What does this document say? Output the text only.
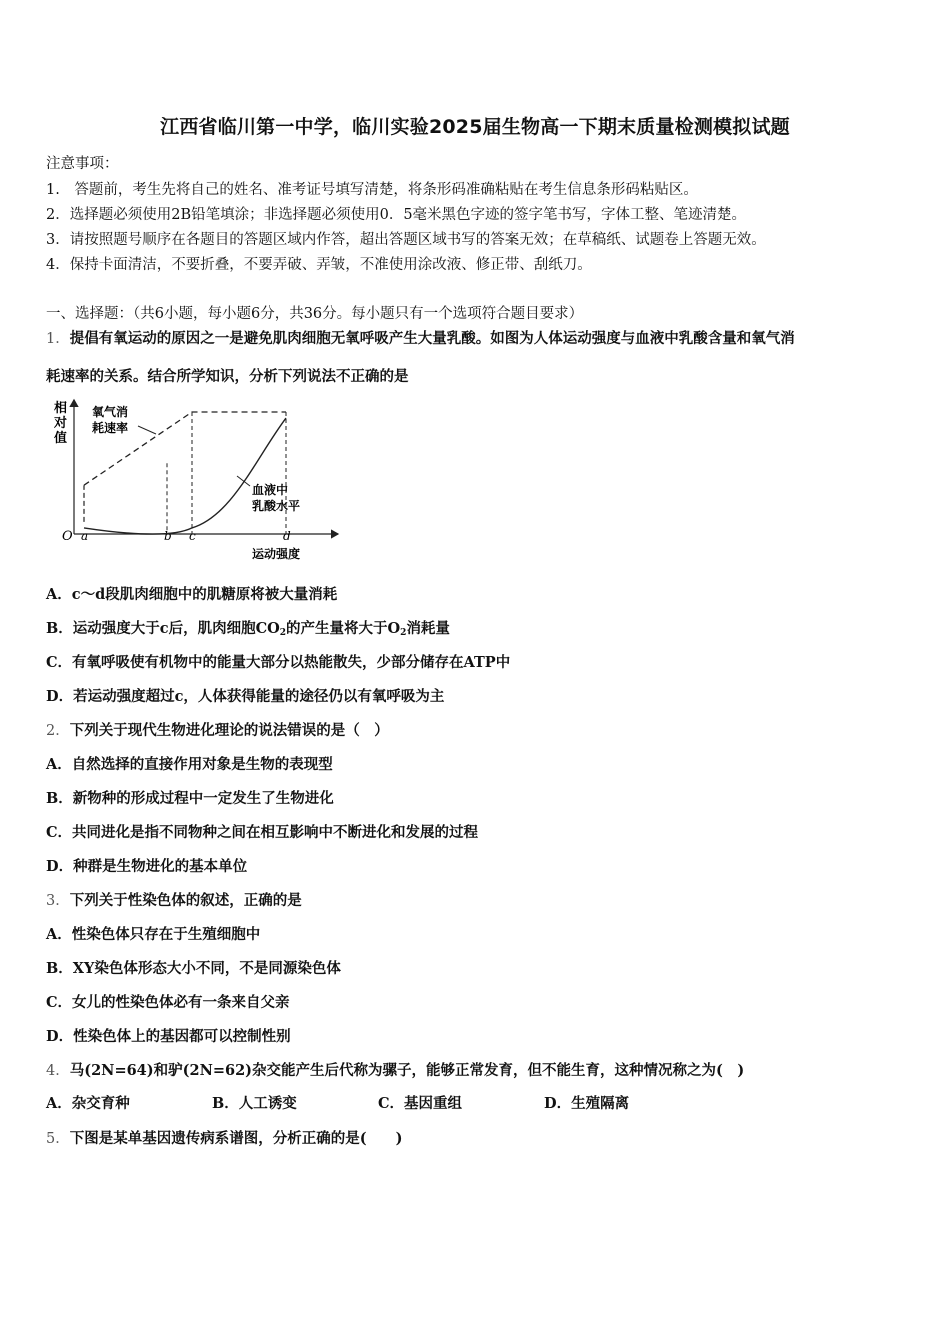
江西省临川第一中学，临川实验2025届生物高一下期末质量检测模拟试题
注意事项：
1.　答题前，考生先将自己的姓名、准考证号填写清楚，将条形码准确粘贴在考生信息条形码粘贴区。
2．选择题必须使用2B铅笔填涂；非选择题必须使用0．5毫米黑色字迹的签字笔书写，字体工整、笔迹清楚。
3．请按照题号顺序在各题目的答题区域内作答，超出答题区域书写的答案无效；在草稿纸、试题卷上答题无效。
4．保持卡面清洁，不要折叠，不要弄破、弄皱，不准使用涂改液、修正带、刮纸刀。
一、选择题：（共6小题，每小题6分，共36分。每小题只有一个选项符合题目要求）
1．提倡有氧运动的原因之一是避免肌肉细胞无氧呼吸产生大量乳酸。如图为人体运动强度与血液中乳酸含量和氧气消
耗速率的关系。结合所学知识，分析下列说法不正确的是
相对值
O a	b c	d
氧气消
耗速率
血液中
乳酸水平
运动强度
A．c～d段肌肉细胞中的肌糖原将被大量消耗
B．运动强度大于c后，肌肉细胞$CO_2$的产生量将大于$O_2$消耗量
C．有氧呼吸使有机物中的能量大部分以热能散失，少部分储存在ATP中
D．若运动强度超过c，人体获得能量的途径仍以有氧呼吸为主
2．下列关于现代生物进化理论的说法错误的是（　）
A．自然选择的直接作用对象是生物的表现型
B．新物种的形成过程中一定发生了生物进化
C．共同进化是指不同物种之间在相互影响中不断进化和发展的过程
D．种群是生物进化的基本单位
3．下列关于性染色体的叙述，正确的是
A．性染色体只存在于生殖细胞中
B．XY染色体形态大小不同，不是同源染色体
C．女儿的性染色体必有一条来自父亲
D．性染色体上的基因都可以控制性别
4．马(2N=64)和驴(2N=62)杂交能产生后代称为骡子，能够正常发育，但不能生育，这种情况称之为(　)
A．杂交育种	B．人工诱变	C．基因重组	D．生殖隔离
5．下图是某单基因遗传病系谱图，分析正确的是(　　)
